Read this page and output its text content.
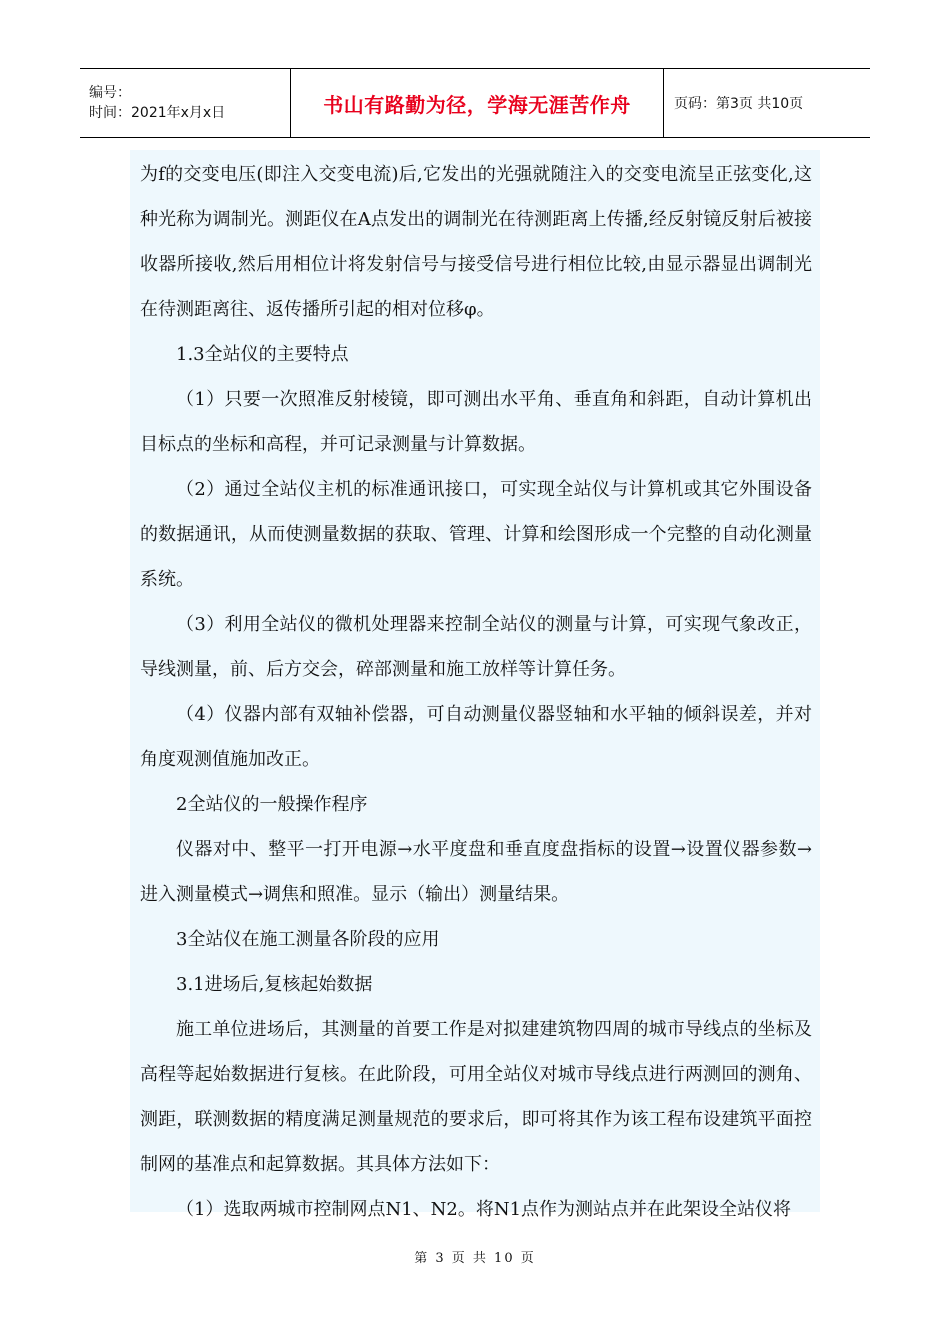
编号：
时间：2021年x月x日	书山有路勤为径，学海无涯苦作舟	页码：第3页 共10页

为f的交变电压(即注入交变电流)后,它发出的光强就随注入的交变电流呈正弦变化,这种光称为调制光。测距仪在A点发出的调制光在待测距离上传播,经反射镜反射后被接收器所接收,然后用相位计将发射信号与接受信号进行相位比较,由显示器显出调制光在待测距离往、返传播所引起的相对位移φ。

1.3全站仪的主要特点

（1）只要一次照准反射棱镜，即可测出水平角、垂直角和斜距，自动计算机出目标点的坐标和高程，并可记录测量与计算数据。

（2）通过全站仪主机的标准通讯接口，可实现全站仪与计算机或其它外围设备的数据通讯，从而使测量数据的获取、管理、计算和绘图形成一个完整的自动化测量系统。

（3）利用全站仪的微机处理器来控制全站仪的测量与计算，可实现气象改正，导线测量，前、后方交会，碎部测量和施工放样等计算任务。

（4）仪器内部有双轴补偿器，可自动测量仪器竖轴和水平轴的倾斜误差，并对角度观测值施加改正。

2全站仪的一般操作程序

仪器对中、整平一打开电源→水平度盘和垂直度盘指标的设置→设置仪器参数→进入测量模式→调焦和照准。显示（输出）测量结果。

3全站仪在施工测量各阶段的应用

3.1进场后,复核起始数据

施工单位进场后，其测量的首要工作是对拟建建筑物四周的城市导线点的坐标及高程等起始数据进行复核。在此阶段，可用全站仪对城市导线点进行两测回的测角、测距，联测数据的精度满足测量规范的要求后，即可将其作为该工程布设建筑平面控制网的基准点和起算数据。其具体方法如下：

（1）选取两城市控制网点N1、N2。将N1点作为测站点并在此架设全站仪将

第 3 页 共 10 页
